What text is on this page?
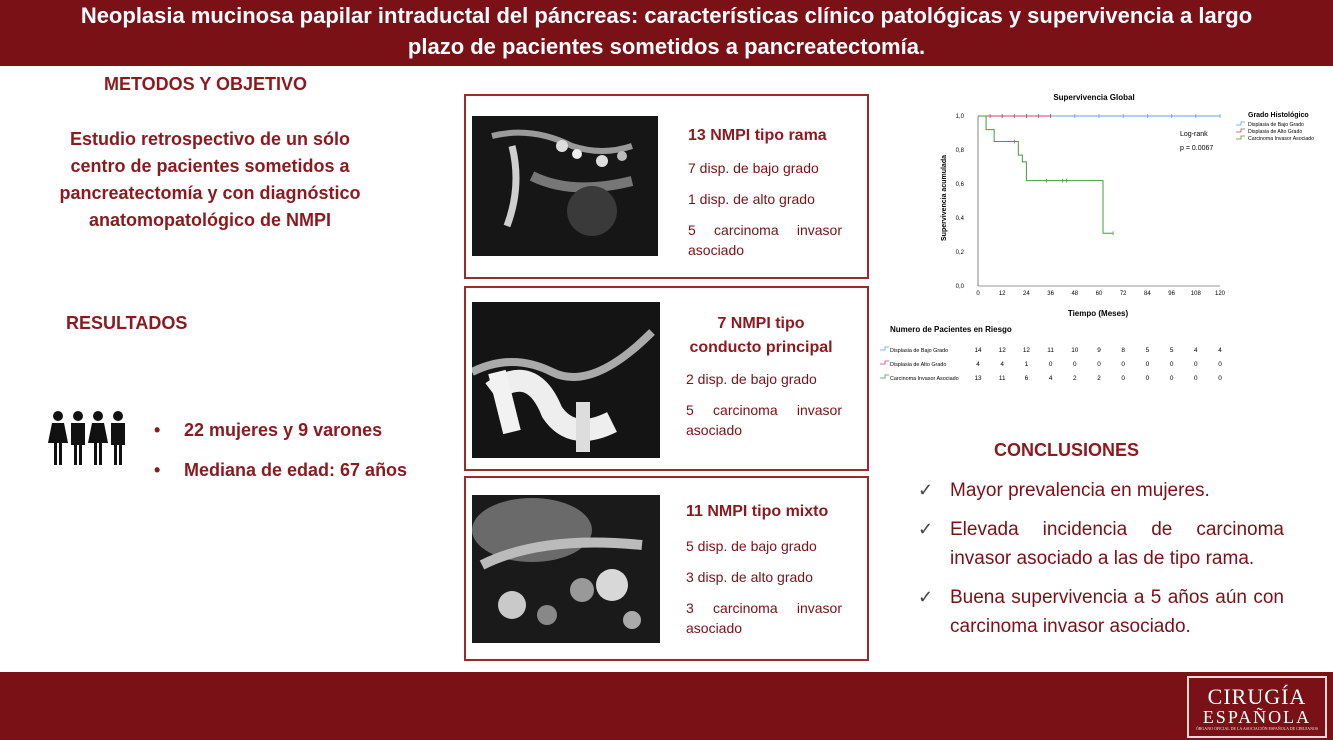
Neoplasia mucinosa papilar intraductal del páncreas: características clínico patológicas y supervivencia a largo
plazo de pacientes sometidos a pancreatectomía.
METODOS Y OBJETIVO
Estudio retrospectivo de un sólo centro de pacientes sometidos a pancreatectomía y con diagnóstico anatomopatológico de NMPI
RESULTADOS
• 22 mujeres y 9 varones
• Mediana de edad: 67 años
13 NMPI tipo rama
7 disp. de bajo grado
1 disp. de alto grado
5 carcinoma invasor asociado
7 NMPI tipo conducto principal
2 disp. de bajo grado
5 carcinoma invasor asociado
11 NMPI tipo mixto
5 disp. de bajo grado
3 disp. de alto grado
3 carcinoma invasor asociado
Supervivencia Global
Supervivencia acumulada
Tiempo (Meses)
Log-rank
p = 0.0067
Grado Histológico
0	12	24	36	48	60	72	84	96	108 120
0,0
0,2
0,4
0,6
0,8
1,0
Displasia de Bajo Grado
Displasia de Alto Grado
Carcinoma Invasor Asociado
Numero de Pacientes en Riesgo
Displasia de Bajo Grado	14	12	12	11	10	9	8	5	5	4	4
Displasia de Alto Grado	4	4	1	0	0	0	0	0	0	0	0
Carcinoma Invasor Asociado 13	11	6	4	2	2	0	0	0	0	0
CONCLUSIONES
✓ Mayor prevalencia en mujeres.
✓ Elevada incidencia de carcinoma invasor asociado a las de tipo rama.
✓ Buena supervivencia a 5 años aún con carcinoma invasor asociado.
CIRUGÍA
ESPAÑOLA
ÓRGANO OFICIAL DE LA ASOCIACIÓN ESPAÑOLA DE CIRUJANOS
